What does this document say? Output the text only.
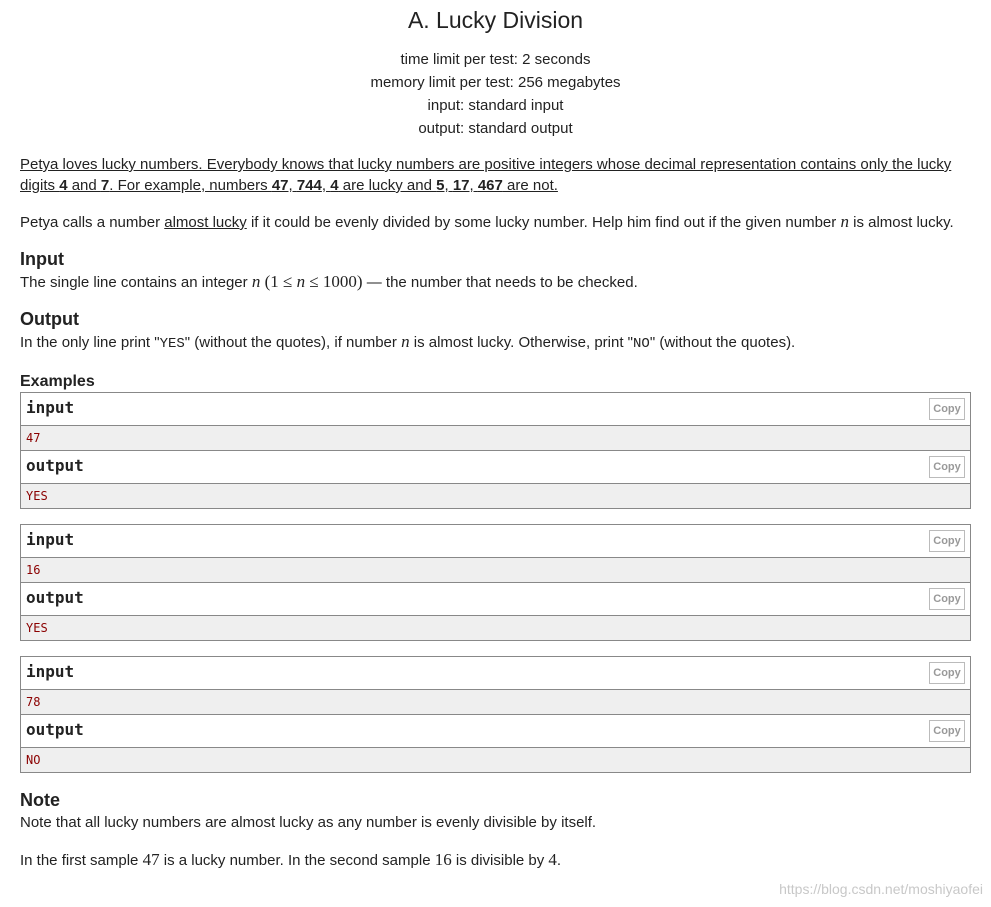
A. Lucky Division
time limit per test: 2 seconds
memory limit per test: 256 megabytes
input: standard input
output: standard output
Petya loves lucky numbers. Everybody knows that lucky numbers are positive integers whose decimal representation contains only the lucky digits 4 and 7. For example, numbers 47, 744, 4 are lucky and 5, 17, 467 are not.
Petya calls a number almost lucky if it could be evenly divided by some lucky number. Help him find out if the given number n is almost lucky.
Input
The single line contains an integer n (1 ≤ n ≤ 1000) — the number that needs to be checked.
Output
In the only line print "YES" (without the quotes), if number n is almost lucky. Otherwise, print "NO" (without the quotes).
Examples
input	Copy
47
output	Copy
YES
input	Copy
16
output	Copy
YES
input	Copy
78
output	Copy
NO
Note
Note that all lucky numbers are almost lucky as any number is evenly divisible by itself.
In the first sample 47 is a lucky number. In the second sample 16 is divisible by 4.
https://blog.csdn.net/moshiyaofei
